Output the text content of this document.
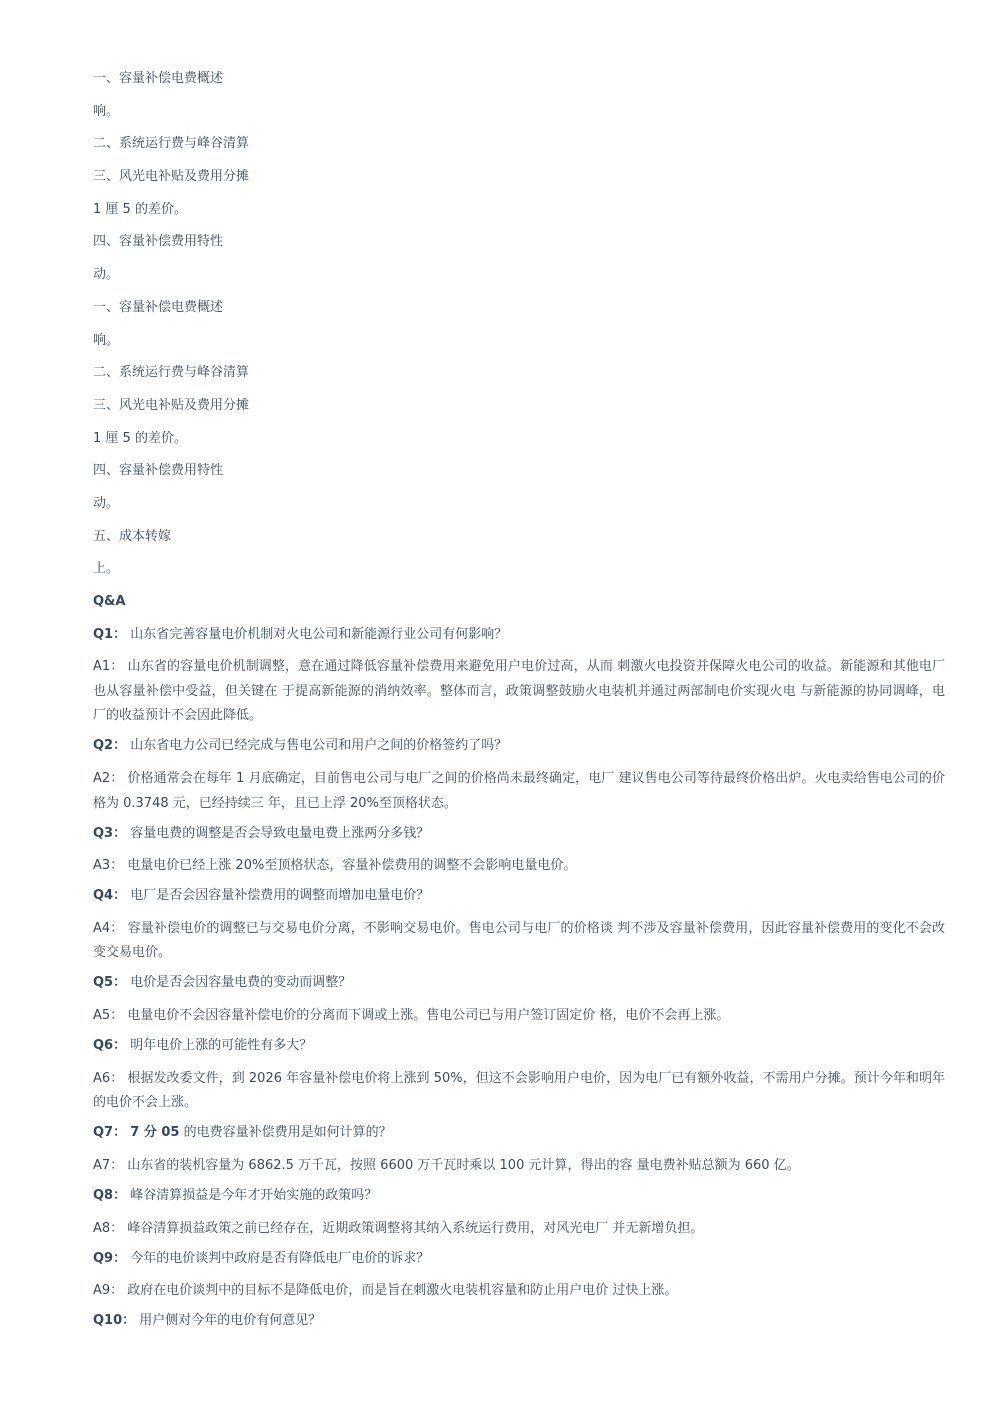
一、容量补偿电费概述
响。
二、系统运行费与峰谷清算
三、风光电补贴及费用分摊
1 厘 5 的差价。
四、容量补偿费用特性
动。
一、容量补偿电费概述
响。
二、系统运行费与峰谷清算
三、风光电补贴及费用分摊
1 厘 5 的差价。
四、容量补偿费用特性
动。
五、成本转嫁
上。
Q&A
Q1： 山东省完善容量电价机制对火电公司和新能源行业公司有何影响？
A1： 山东省的容量电价机制调整，意在通过降低容量补偿费用来避免用户电价过高，从而 刺激火电投资并保障火电公司的收益。新能源和其他电厂也从容量补偿中受益，但关键在 于提高新能源的消纳效率。整体而言，政策调整鼓励火电装机并通过两部制电价实现火电 与新能源的协同调峰，电厂的收益预计不会因此降低。
Q2： 山东省电力公司已经完成与售电公司和用户之间的价格签约了吗？
A2： 价格通常会在每年 1 月底确定，目前售电公司与电厂之间的价格尚未最终确定，电厂 建议售电公司等待最终价格出炉。火电卖给售电公司的价格为 0.3748 元，已经持续三 年，且已上浮 20%至顶格状态。
Q3： 容量电费的调整是否会导致电量电费上涨两分多钱？
A3： 电量电价已经上涨 20%至顶格状态，容量补偿费用的调整不会影响电量电价。
Q4： 电厂是否会因容量补偿费用的调整而增加电量电价？
A4： 容量补偿电价的调整已与交易电价分离，不影响交易电价。售电公司与电厂的价格谈 判不涉及容量补偿费用，因此容量补偿费用的变化不会改变交易电价。
Q5： 电价是否会因容量电费的变动而调整？
A5： 电量电价不会因容量补偿电价的分离而下调或上涨。售电公司已与用户签订固定价 格，电价不会再上涨。
Q6： 明年电价上涨的可能性有多大？
A6： 根据发改委文件，到 2026 年容量补偿电价将上涨到 50%，但这不会影响用户电价，因为电厂已有额外收益，不需用户分摊。预计今年和明年的电价不会上涨。
Q7： 7 分 05 的电费容量补偿费用是如何计算的？
A7： 山东省的装机容量为 6862.5 万千瓦，按照 6600 万千瓦时乘以 100 元计算，得出的容 量电费补贴总额为 660 亿。
Q8： 峰谷清算损益是今年才开始实施的政策吗？
A8： 峰谷清算损益政策之前已经存在，近期政策调整将其纳入系统运行费用，对风光电厂 并无新增负担。
Q9： 今年的电价谈判中政府是否有降低电厂电价的诉求？
A9： 政府在电价谈判中的目标不是降低电价，而是旨在刺激火电装机容量和防止用户电价 过快上涨。
Q10： 用户侧对今年的电价有何意见？
